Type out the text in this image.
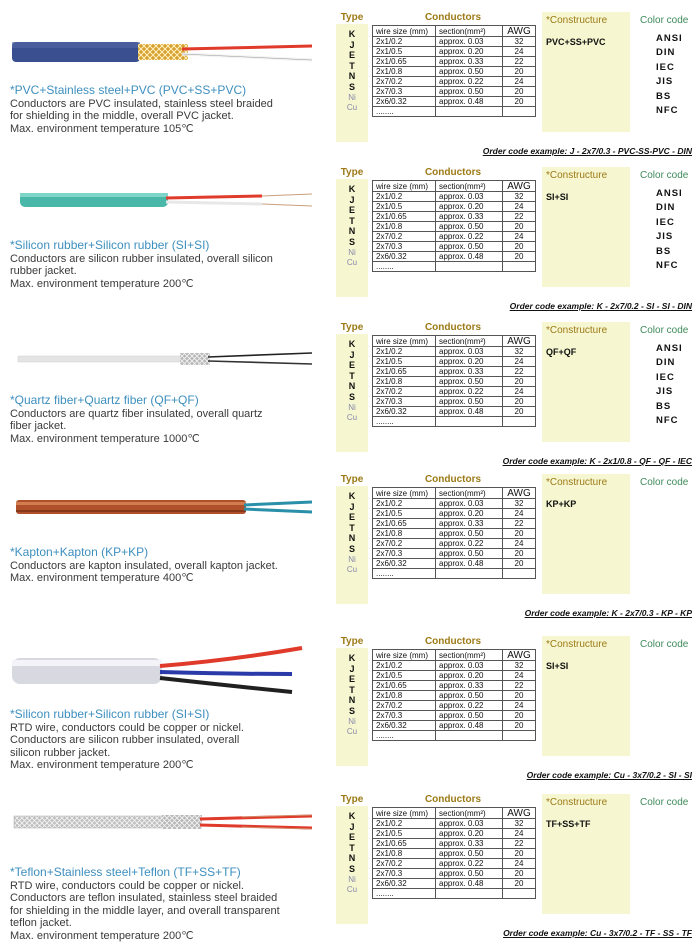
*PVC+Stainless steel+PVC (PVC+SS+PVC)
Conductors are PVC insulated, stainless steel braided
for shielding in the middle, overall PVC jacket.
Max. environment temperature 105℃
Type
K
J
E
T
N
S
Ni
Cu
Conductors
wire size (mm)	section(mm²)	AWG
2x1/0.2	approx. 0.03	32
2x1/0.5	approx. 0.20	24
2x1/0.65	approx. 0.33	22
2x1/0.8	approx. 0.50	20
2x7/0.2	approx. 0.22	24
2x7/0.3	approx. 0.50	20
2x6/0.32	approx. 0.48	20
........		
*Constructure
PVC+SS+PVC
Color code
ANSI
DIN
IEC
JIS
BS
NFC
Order code example: J - 2x7/0.3 - PVC-SS-PVC - DIN
*Silicon rubber+Silicon rubber (SI+SI)
Conductors are silicon rubber insulated, overall silicon
rubber jacket.
Max. environment temperature 200℃
Type
K
J
E
T
N
S
Ni
Cu
Conductors
wire size (mm)	section(mm²)	AWG
2x1/0.2	approx. 0.03	32
2x1/0.5	approx. 0.20	24
2x1/0.65	approx. 0.33	22
2x1/0.8	approx. 0.50	20
2x7/0.2	approx. 0.22	24
2x7/0.3	approx. 0.50	20
2x6/0.32	approx. 0.48	20
........		
*Constructure
SI+SI
Color code
ANSI
DIN
IEC
JIS
BS
NFC
Order code example: K - 2x7/0.2 - SI - SI - DIN
*Quartz fiber+Quartz fiber (QF+QF)
Conductors are quartz fiber insulated, overall quartz
fiber jacket.
Max. environment temperature 1000℃
Type
K
J
E
T
N
S
Ni
Cu
Conductors
wire size (mm)	section(mm²)	AWG
2x1/0.2	approx. 0.03	32
2x1/0.5	approx. 0.20	24
2x1/0.65	approx. 0.33	22
2x1/0.8	approx. 0.50	20
2x7/0.2	approx. 0.22	24
2x7/0.3	approx. 0.50	20
2x6/0.32	approx. 0.48	20
........		
*Constructure
QF+QF
Color code
ANSI
DIN
IEC
JIS
BS
NFC
Order code example: K - 2x1/0.8 - QF - QF - IEC
*Kapton+Kapton (KP+KP)
Conductors are kapton insulated, overall kapton jacket.
Max. environment temperature 400℃
Type
K
J
E
T
N
S
Ni
Cu
Conductors
wire size (mm)	section(mm²)	AWG
2x1/0.2	approx. 0.03	32
2x1/0.5	approx. 0.20	24
2x1/0.65	approx. 0.33	22
2x1/0.8	approx. 0.50	20
2x7/0.2	approx. 0.22	24
2x7/0.3	approx. 0.50	20
2x6/0.32	approx. 0.48	20
........		
*Constructure
KP+KP
Color code
Order code example: K - 2x7/0.3 - KP - KP
*Silicon rubber+Silicon rubber (SI+SI)
RTD wire, conductors could be copper or nickel.
Conductors are silicon rubber insulated, overall
silicon rubber jacket.
Max. environment temperature 200℃
Type
K
J
E
T
N
S
Ni
Cu
Conductors
wire size (mm)	section(mm²)	AWG
2x1/0.2	approx. 0.03	32
2x1/0.5	approx. 0.20	24
2x1/0.65	approx. 0.33	22
2x1/0.8	approx. 0.50	20
2x7/0.2	approx. 0.22	24
2x7/0.3	approx. 0.50	20
2x6/0.32	approx. 0.48	20
........		
*Constructure
SI+SI
Color code
Order code example: Cu - 3x7/0.2 - SI - SI
*Teflon+Stainless steel+Teflon (TF+SS+TF)
RTD wire, conductors could be copper or nickel.
Conductors are teflon insulated, stainless steel braided
for shielding in the middle layer, and overall transparent
teflon jacket.
Max. environment temperature 200℃
Type
K
J
E
T
N
S
Ni
Cu
Conductors
wire size (mm)	section(mm²)	AWG
2x1/0.2	approx. 0.03	32
2x1/0.5	approx. 0.20	24
2x1/0.65	approx. 0.33	22
2x1/0.8	approx. 0.50	20
2x7/0.2	approx. 0.22	24
2x7/0.3	approx. 0.50	20
2x6/0.32	approx. 0.48	20
........		
*Constructure
TF+SS+TF
Color code
Order code example: Cu - 3x7/0.2 - TF - SS - TF
